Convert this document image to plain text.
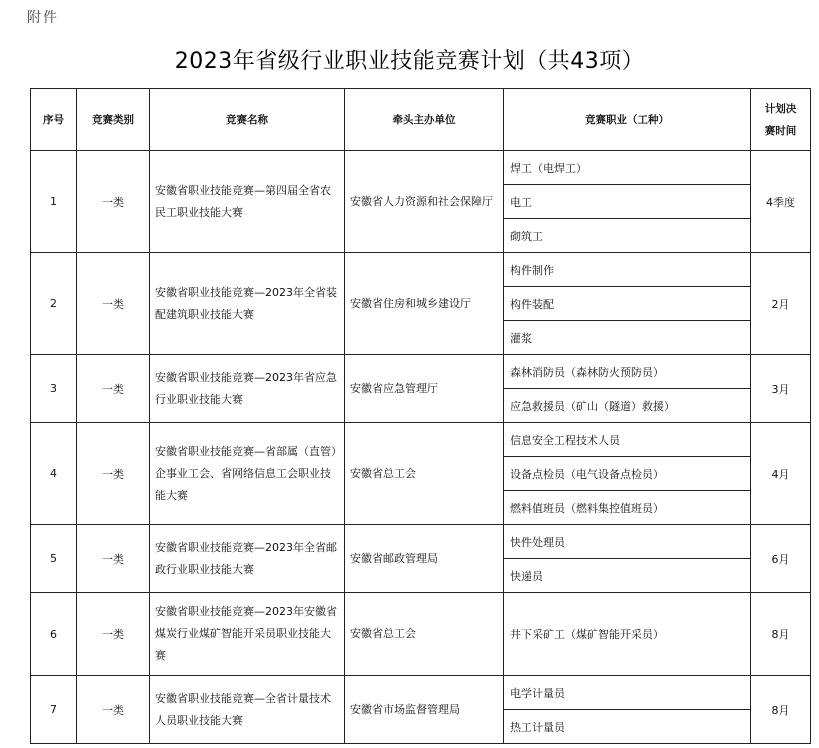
附件
2023年省级行业职业技能竞赛计划（共43项）
序号	竞赛类别	竞赛名称	牵头主办单位	竞赛职业（工种）	计划决赛时间
1	一类	安徽省职业技能竞赛—第四届全省农民工职业技能大赛	安徽省人力资源和社会保障厅	焊工（电焊工）	4季度
				电工	
				砌筑工	
2	一类	安徽省职业技能竞赛—2023年全省装配建筑职业技能大赛	安徽省住房和城乡建设厅	构件制作	2月
				构件装配	
				灌浆	
3	一类	安徽省职业技能竞赛—2023年省应急行业职业技能大赛	安徽省应急管理厅	森林消防员（森林防火预防员）	3月
				应急救援员（矿山（隧道）救援）	
4	一类	安徽省职业技能竞赛—省部属（直管）企事业工会、省网络信息工会职业技能大赛	安徽省总工会	信息安全工程技术人员	4月
				设备点检员（电气设备点检员）	
				燃料值班员（燃料集控值班员）	
5	一类	安徽省职业技能竞赛—2023年全省邮政行业职业技能大赛	安徽省邮政管理局	快件处理员	6月
				快递员	
6	一类	安徽省职业技能竞赛—2023年安徽省煤炭行业煤矿智能开采员职业技能大赛	安徽省总工会	井下采矿工（煤矿智能开采员）	8月
7	一类	安徽省职业技能竞赛—全省计量技术人员职业技能大赛	安徽省市场监督管理局	电学计量员	8月
				热工计量员	
